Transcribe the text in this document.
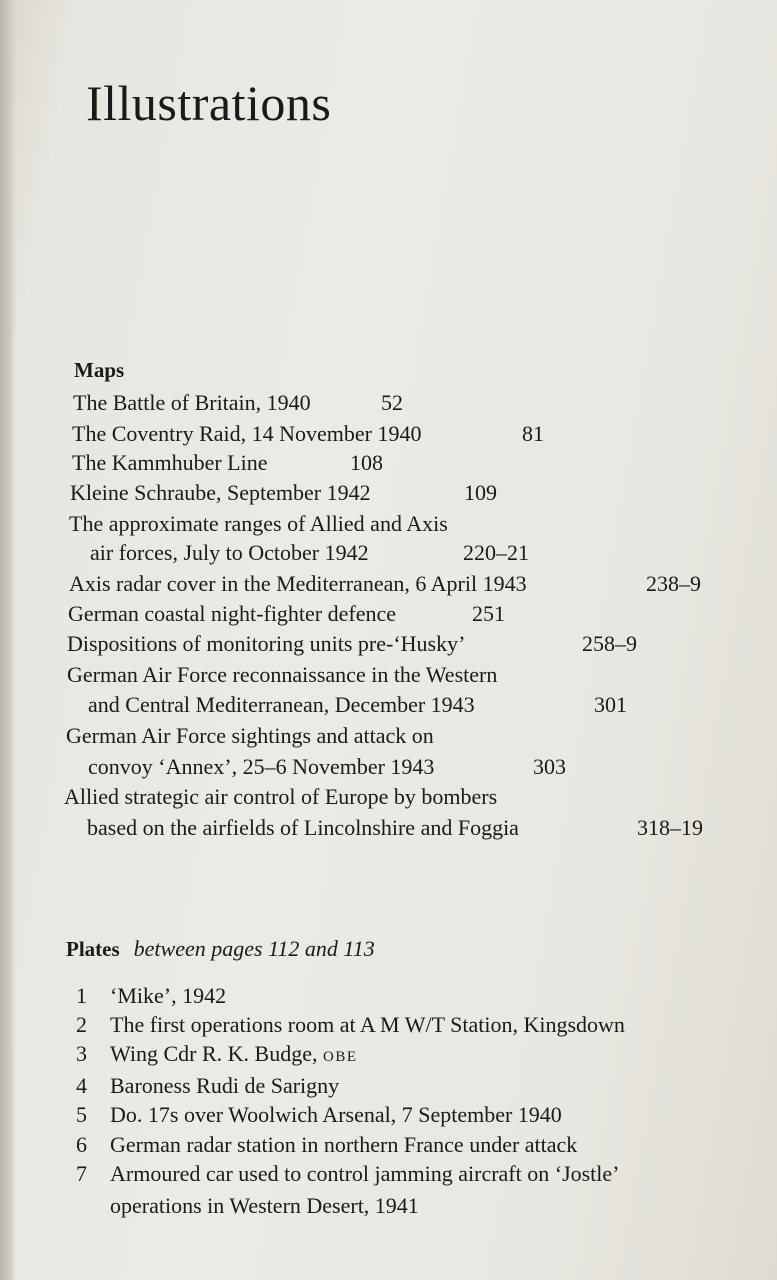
Illustrations
Maps
The Battle of Britain, 1940	52
The Coventry Raid, 14 November 1940	81
The Kammhuber Line	108
Kleine Schraube, September 1942	109
The approximate ranges of Allied and Axis
air forces, July to October 1942	220–21
Axis radar cover in the Mediterranean, 6 April 1943	238–9
German coastal night-fighter defence	251
Dispositions of monitoring units pre-‘Husky’	258–9
German Air Force reconnaissance in the Western
and Central Mediterranean, December 1943	301
German Air Force sightings and attack on
convoy ‘Annex’, 25–6 November 1943	303
Allied strategic air control of Europe by bombers
based on the airfields of Lincolnshire and Foggia	318–19
Plates between pages 112 and 113
1 ‘Mike’, 1942
2 The first operations room at A M W/T Station, Kingsdown
3 Wing Cdr R. K. Budge, OBE
4 Baroness Rudi de Sarigny
5 Do. 17s over Woolwich Arsenal, 7 September 1940
6 German radar station in northern France under attack
7 Armoured car used to control jamming aircraft on ‘Jostle’
operations in Western Desert, 1941
